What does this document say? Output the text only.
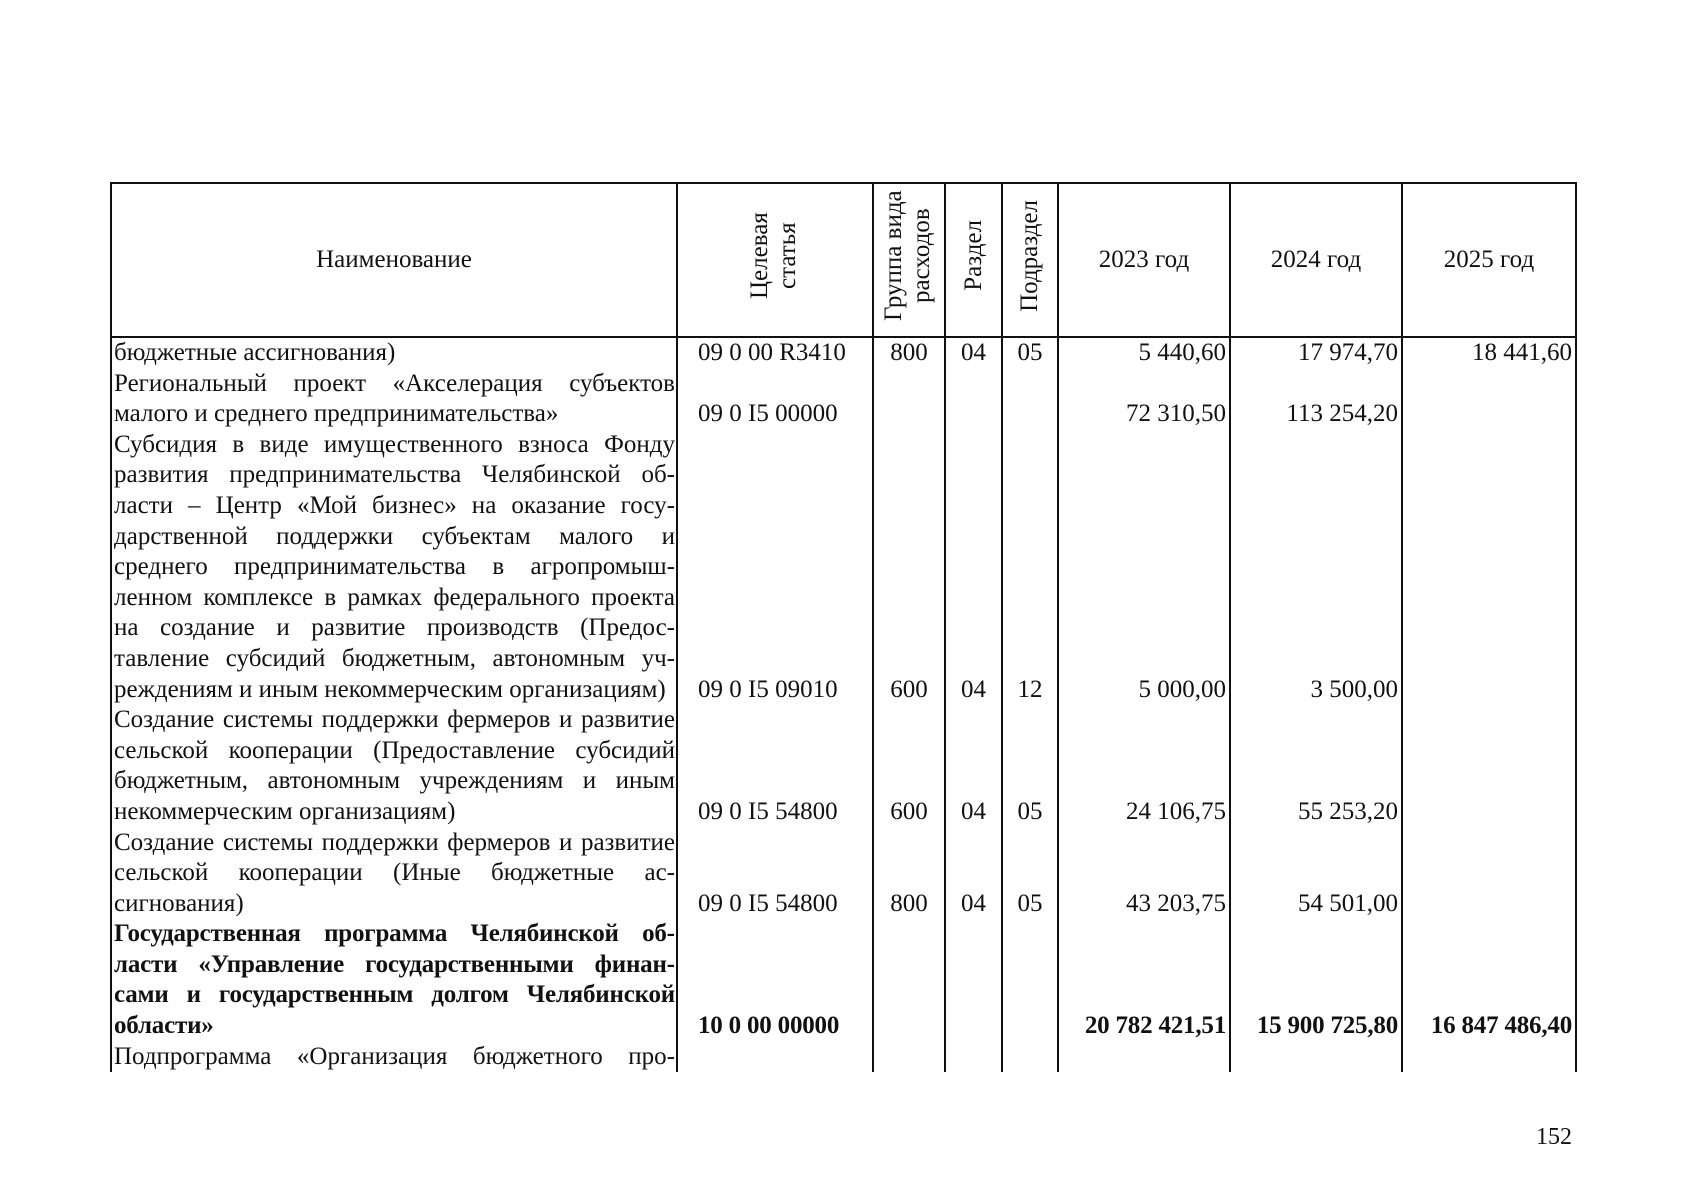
Наименование	Целевая статья	Группа вида расходов	Раздел	Подраздел	2023 год	2024 год	2025 год
бюджетные ассигнования)	09 0 00 R3410	800	04	05	5 440,60	17 974,70	18 441,60
Региональный проект «Акселерация субъектов малого и среднего предпринимательства»	09 0 I5 00000				72 310,50	113 254,20	
Субсидия в виде имущественного взноса Фонду развития предпринимательства Челябинской области – Центр «Мой бизнес» на оказание государственной поддержки субъектам малого и среднего предпринимательства в агропромышленном комплексе в рамках федерального проекта на создание и развитие производств (Предоставление субсидий бюджетным, автономным учреждениям и иным некоммерческим организациям)	09 0 I5 09010	600	04	12	5 000,00	3 500,00	
Создание системы поддержки фермеров и развитие сельской кооперации (Предоставление субсидий бюджетным, автономным учреждениям и иным некоммерческим организациям)	09 0 I5 54800	600	04	05	24 106,75	55 253,20	
Создание системы поддержки фермеров и развитие сельской кооперации (Иные бюджетные ассигнования)	09 0 I5 54800	800	04	05	43 203,75	54 501,00	
Государственная программа Челябинской области «Управление государственными финансами и государственным долгом Челябинской области»	10 0 00 00000				20 782 421,51	15 900 725,80	16 847 486,40
Подпрограмма «Организация бюджетного про-							
152
